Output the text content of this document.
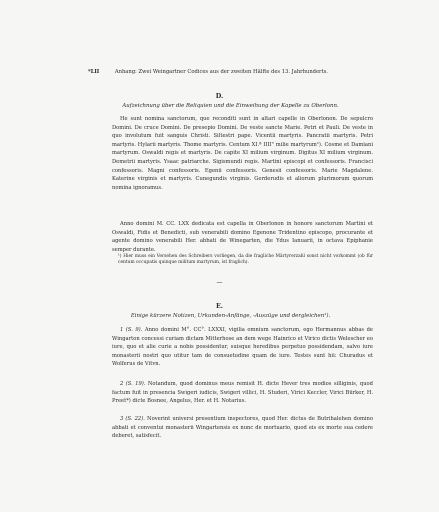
*LII	Anhang: Zwei Weingartner Codices aus der zweiten Hälfte des 13. Jahrhunderts.
D.
Aufzeichnung über die Reliquien und die Einweihung der Kapelle zu Oberlonn.

He sunt nomina sanctorum, que reconditi sunt in altari capelle in Oberlonon. De sepulcro Domini. De cruce Domini. De presepio Domini. De veste sancte Marie. Petri et Pauli. De veste in quo involutum fuit sanguis Christi. Siltestri pape. Vicentii martyris. Pancratii martyris. Petri martyris. Hylarii martyris. Thome martyris. Centum XI.ª IIII" milie martyrum¹). Cosme et Damiani martyrum. Oswaldi regis et martyris. De capite XI milium virginum. Digitus XI milium virginum. Demetrii martyris. Ysaac patriarche. Sigismundi regis. Martini episcopi et confessoris. Francisci confessoris. Magni confessoris. Egenii confessoris. Genesii confessoris. Marie Magdalene. Katerine virginis et martyris. Cunegundis virginis. Gerderudis et aliorum plurimorum quorum nomina ignoramus.

Anno domini M. CC. LXX dedicata est capella in Oberlonon in honore sanctorum Martini et Oswaldi, Fidis et Benedicti, sub venerabili domino Egenone Tridentino episcopo, procurante et agente domino venerabili Her. abbati de Winegarten, die Ydus Ianuarii, in octava Epiphanie semper durante.

¹) Hier muss ein Versehen des Schreibers vorliegen, da die fragliche Märtyrerzahl sonst nicht vorkommt (ob für centum occupatis quinque militum martyrum, ist fraglich).

—
E.
Einige kürzere Notizen, Urkunden-Anfänge, -Auszüge und dergleichen¹).

1 (S. 9). Anno domini M°. CC°. LXXXI, vigilia omnium sanctorum, ego Hermannus abbas de Wingarton concessi curiam dictam Mitterhose an dem wege Hainrico et Virico dictis Welescher eo iure, quo et alie curie a nobis possidentur, suisque heredibus perpetuo possidendam, salvo iure monasterii nostri quo utitur tam de consuetudine quam de iure. Testes sunt hii: Churadus et Wolferus de Vitvn.

2 (S. 19). Notandum, quod dominus meus remisit H. dicte Hever tres modios silliginis, quod factum fuit in presencia Swigeri iudicis, Swigeri villici, H. Studeri, Virici Keccler, Virici Bürker, H. Preet*) dicte Bosnee, Angelus, Her. et H. Notarius.

3 (S. 22). Noverint universi presentium inspectores, quod Her. dictus de Butrihalehen domino abbati et conventui monasterii Wingartensis ex nunc de mortuario, quod eis ex morte sua cedere deberet, satisfecit.
